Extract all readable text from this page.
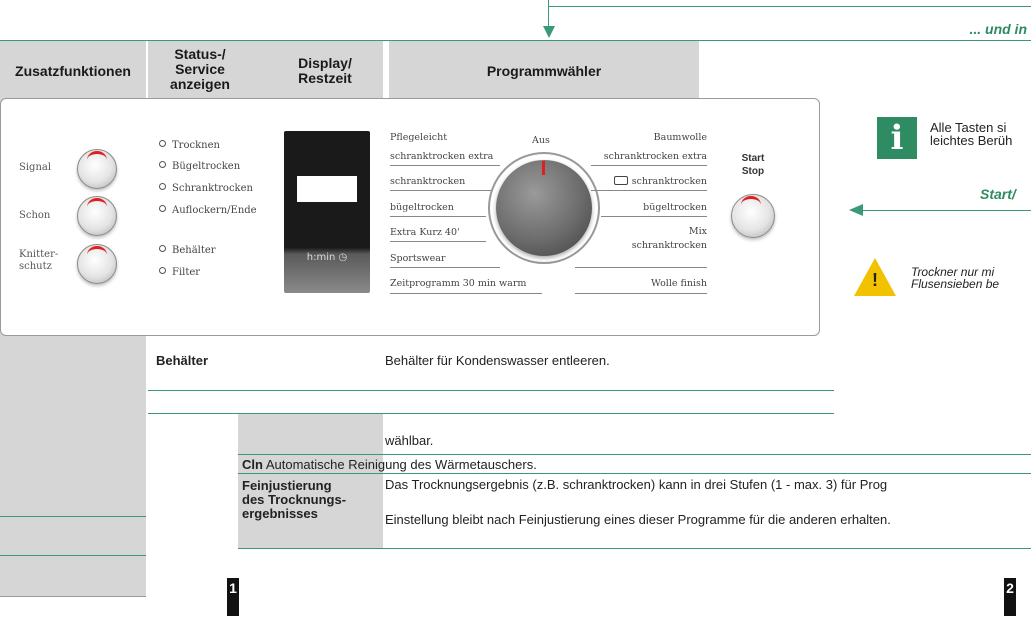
... und in
Zusatzfunktionen
Status-/
Service
anzeigen
Display/
Restzeit	Programmwähler
Signal
Schon
Knitter-
schutz
Trocknen
Bügeltrocken
Schranktrocken
Auflockern/Ende
Behälter
Filter
h:min ◷
Pflegeleicht
schranktrocken extra
schranktrocken
bügeltrocken
Extra Kurz 40'
Sportswear
Zeitprogramm 30 min warm
Aus	Baumwolle
schranktrocken extra
schranktrocken
bügeltrocken
Mix
schranktrocken
Wolle finish
Start
Stop
i	Alle Tasten si
leichtes Berüh
Start/
!	Trockner nur mi
Flusensieben be
Behälter	Behälter für Kondenswasser entleeren.
wählbar.
Cln Automatische Reinigung des Wärmetauschers.
Feinjustierung
des Trocknungs-
ergebnisses
Das Trocknungsergebnis (z.B. schranktrocken) kann in drei Stufen (1 - max. 3) für Prog
Einstellung bleibt nach Feinjustierung eines dieser Programme für die anderen erhalten.
1	2
